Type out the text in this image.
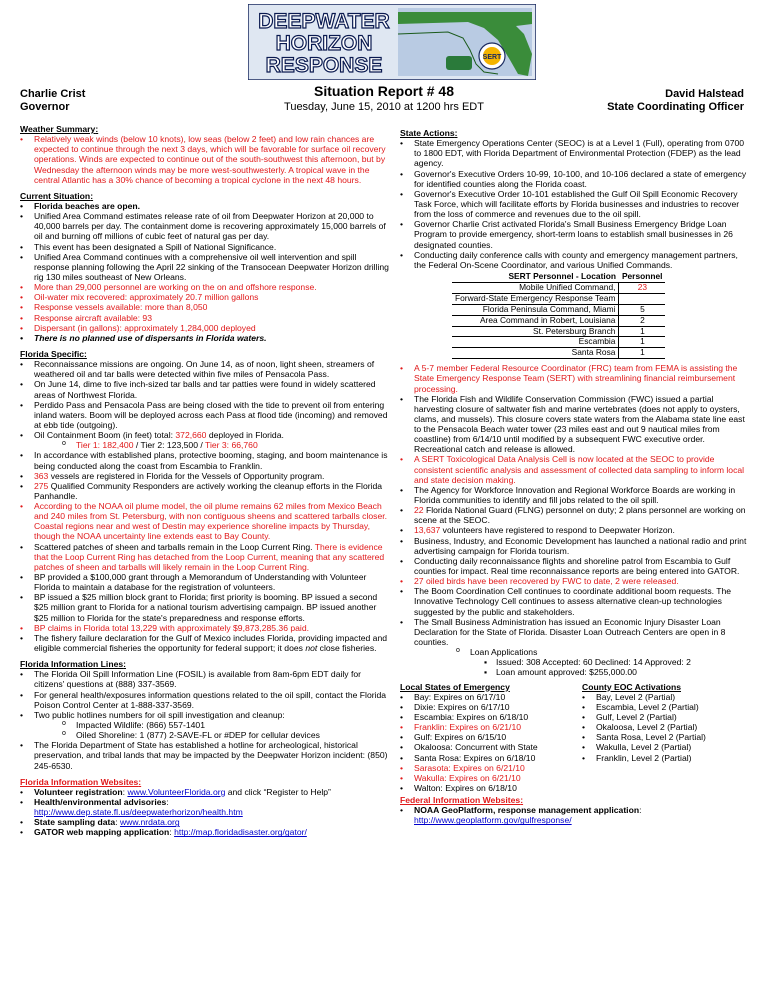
SERT
DEEPWATER
HORIZON
RESPONSE
Charlie Crist
Governor
Situation Report # 48
Tuesday, June 15, 2010 at 1200 hrs EDT
David Halstead
State Coordinating Officer
Weather Summary:
• Relatively weak winds (below 10 knots), low seas (below 2 feet) and low rain chances are expected to continue through the next 3 days, which will be favorable for surface oil recovery operations. Winds are expected to continue out of the south-southwest this afternoon, but by Wednesday the afternoon winds may be more west-southwesterly. A tropical wave in the central Atlantic has a 30% chance of becoming a tropical cyclone in the next 48 hours.
Current Situation:
• Florida beaches are open.
• Unified Area Command estimates release rate of oil from Deepwater Horizon at 20,000 to 40,000 barrels per day. The containment dome is recovering approximately 15,000 barrels of oil and burning off millions of cubic feet of natural gas per day.
• This event has been designated a Spill of National Significance.
• Unified Area Command continues with a comprehensive oil well intervention and spill response planning following the April 22 sinking of the Transocean Deepwater Horizon drilling rig 130 miles southeast of New Orleans.
• More than 29,000 personnel are working on the on and offshore response.
• Oil-water mix recovered: approximately 20.7 million gallons
• Response vessels available: more than 8,050
• Response aircraft available: 93
• Dispersant (in gallons): approximately 1,284,000 deployed
• There is no planned use of dispersants in Florida waters.
Florida Specific:
• Reconnaissance missions are ongoing. On June 14, as of noon, light sheen, streamers of weathered oil and tar balls were detected within five miles of Pensacola Pass.
• On June 14, dime to five inch-sized tar balls and tar patties were found in widely scattered areas of Northwest Florida.
• Perdido Pass and Pensacola Pass are being closed with the tide to prevent oil from entering inland waters. Boom will be deployed across each Pass at flood tide (incoming) and removed at ebb tide (outgoing).
• Oil Containment Boom (in feet) total: 372,660 deployed in Florida.
o Tier 1: 182,400 / Tier 2: 123,500 / Tier 3: 66,760
• In accordance with established plans, protective booming, staging, and boom maintenance is being conducted along the coast from Escambia to Franklin.
• 363 vessels are registered in Florida for the Vessels of Opportunity program.
• 275 Qualified Community Responders are actively working the cleanup efforts in the Florida Panhandle.
• According to the NOAA oil plume model, the oil plume remains 62 miles from Mexico Beach and 240 miles from St. Petersburg, with non contiguous sheens and scattered tarballs closer. Coastal regions near and west of Destin may experience shoreline impacts by Thursday, though the NOAA uncertainty line extends east to Bay County.
• Scattered patches of sheen and tarballs remain in the Loop Current Ring. There is evidence that the Loop Current Ring has detached from the Loop Current, meaning that any scattered patches of sheen and tarballs will likely remain in the Loop Current Ring.
• BP provided a $100,000 grant through a Memorandum of Understanding with Volunteer Florida to maintain a database for the registration of volunteers.
• BP issued a $25 million block grant to Florida; first priority is booming. BP issued a second $25 million grant to Florida for a national tourism advertising campaign. BP issued another $25 million to Florida for the state's preparedness and response efforts.
• BP claims in Florida total 13,229 with approximately $9,873,285.36 paid.
• The fishery failure declaration for the Gulf of Mexico includes Florida, providing impacted and eligible commercial fisheries the opportunity for federal support; it does not close fisheries.
Florida Information Lines:
• The Florida Oil Spill Information Line (FOSIL) is available from 8am-6pm EDT daily for citizens' questions at (888) 337-3569.
• For general health/exposures information questions related to the oil spill, contact the Florida Poison Control Center at 1-888-337-3569.
• Two public hotlines numbers for oil spill investigation and cleanup:
o Impacted Wildlife: (866) 557-1401
o Oiled Shoreline: 1 (877) 2-SAVE-FL or #DEP for cellular devices
• The Florida Department of State has established a hotline for archeological, historical preservation, and tribal lands that may be impacted by the Deepwater Horizon incident: (850) 245-6530.
Florida Information Websites:
• Volunteer registration: www.VolunteerFlorida.org and click “Register to Help”
• Health/environmental advisories:
http://www.dep.state.fl.us/deepwaterhorizon/health.htm
• State sampling data: www.nrdata.org
• GATOR web mapping application: http://map.floridadisaster.org/gator/
State Actions:
• State Emergency Operations Center (SEOC) is at a Level 1 (Full), operating from 0700 to 1800 EDT, with Florida Department of Environmental Protection (FDEP) as the lead agency.
• Governor's Executive Orders 10-99, 10-100, and 10-106 declared a state of emergency for identified counties along the Florida coast.
• Governor's Executive Order 10-101 established the Gulf Oil Spill Economic Recovery Task Force, which will facilitate efforts by Florida businesses and industries to recover from the loss of commerce and revenues due to the oil spill.
• Governor Charlie Crist activated Florida's Small Business Emergency Bridge Loan Program to provide emergency, short-term loans to establish small businesses in 26 designated counties.
• Conducting daily conference calls with county and emergency management partners, the Federal On-Scene Coordinator, and various Unified Commands.
SERT Personnel - Location	Personnel
Mobile Unified Command,	23
Forward-State Emergency Response Team	
Florida Peninsula Command, Miami	5
Area Command in Robert, Louisiana	2
St. Petersburg Branch	1
Escambia	1
Santa Rosa	1
• A 5-7 member Federal Resource Coordinator (FRC) team from FEMA is assisting the State Emergency Response Team (SERT) with streamlining financial reimbursement processing.
• The Florida Fish and Wildlife Conservation Commission (FWC) issued a partial harvesting closure of saltwater fish and marine vertebrates (does not apply to oysters, clams, and mussels). This closure covers state waters from the Alabama state line east to the Pensacola Beach water tower (23 miles east and out 9 nautical miles from coastline) from 6/14/10 until modified by a subsequent FWC executive order. Recreational catch and release is allowed.
• A SERT Toxicological Data Analysis Cell is now located at the SEOC to provide consistent scientific analysis and assessment of collected data sampling to inform local and state decision making.
• The Agency for Workforce Innovation and Regional Workforce Boards are working in Florida communities to identify and fill jobs related to the oil spill.
• 22 Florida National Guard (FLNG) personnel on duty; 2 plans personnel are working on scene at the SEOC.
• 13,637 volunteers have registered to respond to Deepwater Horizon.
• Business, Industry, and Economic Development has launched a national radio and print advertising campaign for Florida tourism.
• Conducting daily reconnaissance flights and shoreline patrol from Escambia to Gulf counties for impact. Real time reconnaissance reports are being entered into GATOR.
• 27 oiled birds have been recovered by FWC to date, 2 were released.
• The Boom Coordination Cell continues to coordinate additional boom requests. The Innovative Technology Cell continues to assess alternative clean-up technologies suggested by the public and stakeholders.
• The Small Business Administration has issued an Economic Injury Disaster Loan Declaration for the State of Florida. Disaster Loan Outreach Centers are open in 8 counties.
o Loan Applications
▪ Issued: 308 Accepted: 60 Declined: 14 Approved: 2
▪ Loan amount approved: $255,000.00
Local States of Emergency
• Bay: Expires on 6/17/10
• Dixie: Expires on 6/17/10
• Escambia: Expires on 6/18/10
• Franklin: Expires on 6/21/10
• Gulf: Expires on 6/15/10
• Okaloosa: Concurrent with State
• Santa Rosa: Expires on 6/18/10
• Sarasota: Expires on 6/21/10
• Wakulla: Expires on 6/21/10
• Walton: Expires on 6/18/10
County EOC Activations
• Bay, Level 2 (Partial)
• Escambia, Level 2 (Partial)
• Gulf, Level 2 (Partial)
• Okaloosa, Level 2 (Partial)
• Santa Rosa, Level 2 (Partial)
• Wakulla, Level 2 (Partial)
• Franklin, Level 2 (Partial)
Federal Information Websites:
• NOAA GeoPlatform, response management application:
http://www.geoplatform.gov/gulfresponse/
